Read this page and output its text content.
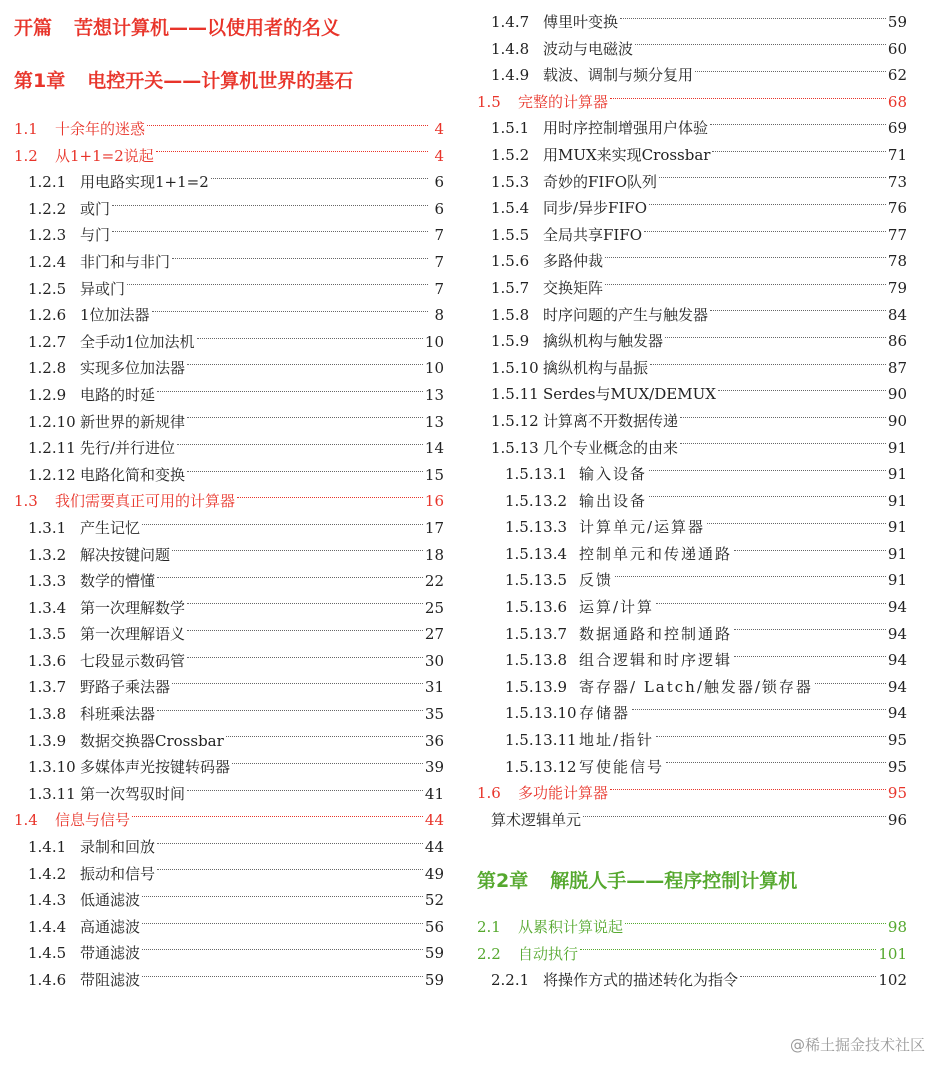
开篇 苦想计算机——以使用者的名义
第1章 电控开关——计算机世界的基石
1.1	十余年的迷惑	4
1.2	从1+1=2说起	4
1.2.1 用电路实现1+1=2	6
1.2.2 或门	6
1.2.3 与门	7
1.2.4 非门和与非门	7
1.2.5 异或门	7
1.2.6 1位加法器	8
1.2.7 全手动1位加法机	10
1.2.8 实现多位加法器	10
1.2.9 电路的时延	13
1.2.10 新世界的新规律	13
1.2.11 先行/并行进位	14
1.2.12 电路化简和变换	15
1.3	我们需要真正可用的计算器	16
1.3.1 产生记忆	17
1.3.2 解决按键问题	18
1.3.3 数学的懵懂	22
1.3.4 第一次理解数学	25
1.3.5 第一次理解语义	27
1.3.6 七段显示数码管	30
1.3.7 野路子乘法器	31
1.3.8 科班乘法器	35
1.3.9 数据交换器Crossbar	36
1.3.10 多媒体声光按键转码器	39
1.3.11 第一次驾驭时间	41
1.4	信息与信号	44
1.4.1 录制和回放	44
1.4.2 振动和信号	49
1.4.3 低通滤波	52
1.4.4 高通滤波	56
1.4.5 带通滤波	59
1.4.6 带阻滤波	59
1.4.7 傅里叶变换	59
1.4.8 波动与电磁波	60
1.4.9 载波、调制与频分复用	62
1.5	完整的计算器	68
1.5.1 用时序控制增强用户体验	69
1.5.2 用MUX来实现Crossbar	71
1.5.3 奇妙的FIFO队列	73
1.5.4 同步/异步FIFO	76
1.5.5 全局共享FIFO	77
1.5.6 多路仲裁	78
1.5.7 交换矩阵	79
1.5.8 时序问题的产生与触发器	84
1.5.9 擒纵机构与触发器	86
1.5.10 擒纵机构与晶振	87
1.5.11 Serdes与MUX/DEMUX	90
1.5.12 计算离不开数据传递	90
1.5.13 几个专业概念的由来	91
1.5.13.1 输入设备	91
1.5.13.2 输出设备	91
1.5.13.3 计算单元/运算器	91
1.5.13.4 控制单元和传递通路	91
1.5.13.5 反馈	91
1.5.13.6 运算/计算	94
1.5.13.7 数据通路和控制通路	94
1.5.13.8 组合逻辑和时序逻辑	94
1.5.13.9 寄存器/ Latch/触发器/锁存器	94
1.5.13.10 存储器	94
1.5.13.11 地址/指针	95
1.5.13.12 写使能信号	95
1.6	多功能计算器	95
算术逻辑单元	96
第2章 解脱人手——程序控制计算机
2.1	从累积计算说起	98
2.2	自动执行	101
2.2.1 将操作方式的描述转化为指令	102
@稀土掘金技术社区
